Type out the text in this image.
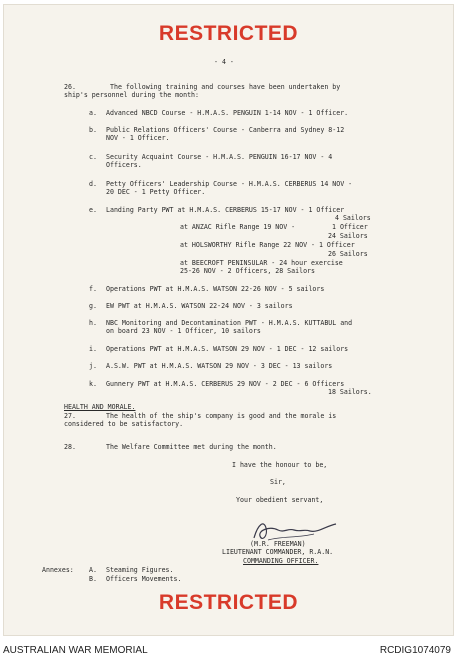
RESTRICTED
- 4 -
26.	The following training and courses have been undertaken by
ship's personnel during the month:
a. Advanced NBCD Course - H.M.A.S. PENGUIN 1-14 NOV - 1 Officer.
b. Public Relations Officers' Course - Canberra and Sydney 8-12
NOV - 1 Officer.
c. Security Acquaint Course - H.M.A.S. PENGUIN 16-17 NOV - 4
Officers.
d. Petty Officers' Leadership Course - H.M.A.S. CERBERUS 14 NOV -
20 DEC - 1 Petty Officer.
e. Landing Party PWT at H.M.A.S. CERBERUS 15-17 NOV - 1 Officer
4 Sailors
at ANZAC Rifle Range 19 NOV -	1 Officer
24 Sailors
at HOLSWORTHY Rifle Range 22 NOV - 1 Officer
26 Sailors
at BEECROFT PENINSULAR - 24 hour exercise
25-26 NOV - 2 Officers, 28 Sailors
f. Operations PWT at H.M.A.S. WATSON 22-26 NOV - 5 sailors
g. EW PWT at H.M.A.S. WATSON 22-24 NOV - 3 sailors
h. NBC Monitoring and Decontamination PWT - H.M.A.S. KUTTABUL and
on board 23 NOV - 1 Officer, 10 sailors
i. Operations PWT at H.M.A.S. WATSON 29 NOV - 1 DEC - 12 sailors
j. A.S.W. PWT at H.M.A.S. WATSON 29 NOV - 3 DEC - 13 sailors
k. Gunnery PWT at H.M.A.S. CERBERUS 29 NOV - 2 DEC - 6 Officers
18 Sailors.
HEALTH AND MORALE.
27.	The health of the ship's company is good and the morale is
considered to be satisfactory.
28.	The Welfare Committee met during the month.
I have the honour to be,
Sir,
Your obedient servant,
(M.R. FREEMAN)
LIEUTENANT COMMANDER, R.A.N.
COMMANDING OFFICER.
Annexes: A. Steaming Figures.
B. Officers Movements.
RESTRICTED
AUSTRALIAN WAR MEMORIAL	RCDIG1074079
